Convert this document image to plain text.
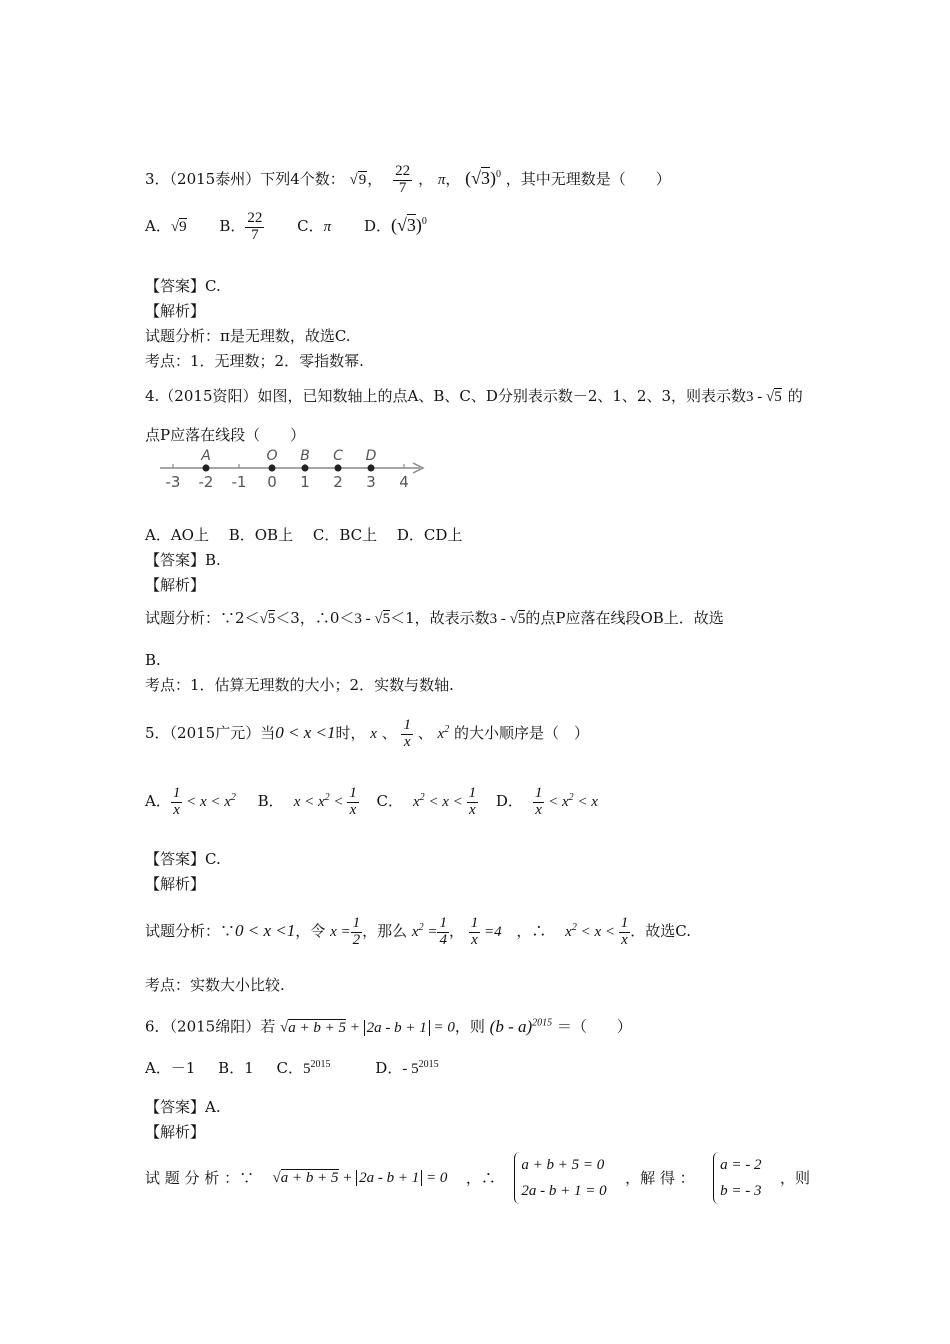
3．（2015泰州）下列4个数： √9， $\frac{22}{7}$ ， π， $(√3)^0$ ，其中无理数是（　　）
A．√9 B． $\frac{22}{7}$ C．π D．$(√3)^0$
【答案】C.
【解析】
试题分析：π是无理数，故选C.
考点：1．无理数；2．零指数幂.
4.（2015资阳）如图，已知数轴上的点A、B、C、D分别表示数－2、1、2、3，则表示数3 - √5 的
点P应落在线段（　　）
-3 -2 -1 0 1 2 3 4
A	O B C D
A．AO上　 B．OB上　 C．BC上　 D．CD上
【答案】B.
【解析】
试题分析：∵2＜√5＜3，∴0＜3 - √5＜1，故表示数3 - √5的点P应落在线段OB上．故选
B.
考点：1．估算无理数的大小；2．实数与数轴.
5．（2015广元）当0 < x <1时， x 、 $\frac{1}{x}$ 、 $x^2$ 的大小顺序是（　）
A． $\frac{1}{x} < x < x^2$ B． $x < x^2 < \frac{1}{x}$ C． $x^2 < x < \frac{1}{x}$ D． $\frac{1}{x} < x^2 < x$
【答案】C.
【解析】
试题分析：∵0 < x <1，令 $x = \frac{1}{2}$ ，那么 $x^2 = \frac{1}{4}$ ， $\frac{1}{x} =4$ ，∴ $x^2 < x < \frac{1}{x}$ ．故选C.
考点：实数大小比较.
6．（2015绵阳）若 √a + b + 5 + 2a - b + 1 = 0，则 (b - a)$^{2015}$ ＝（　　）
A．－1 B．1 C．$5^{2015}$	D．- $5^{2015}$
【答案】A.
【解析】
试 题 分 析 ：∵ √a + b + 5 + 2a - b + 1 = 0 ，∴
a + b + 5 = 0
2a - b + 1 = 0
，解 得 ：
a = - 2
b = - 3
，则
